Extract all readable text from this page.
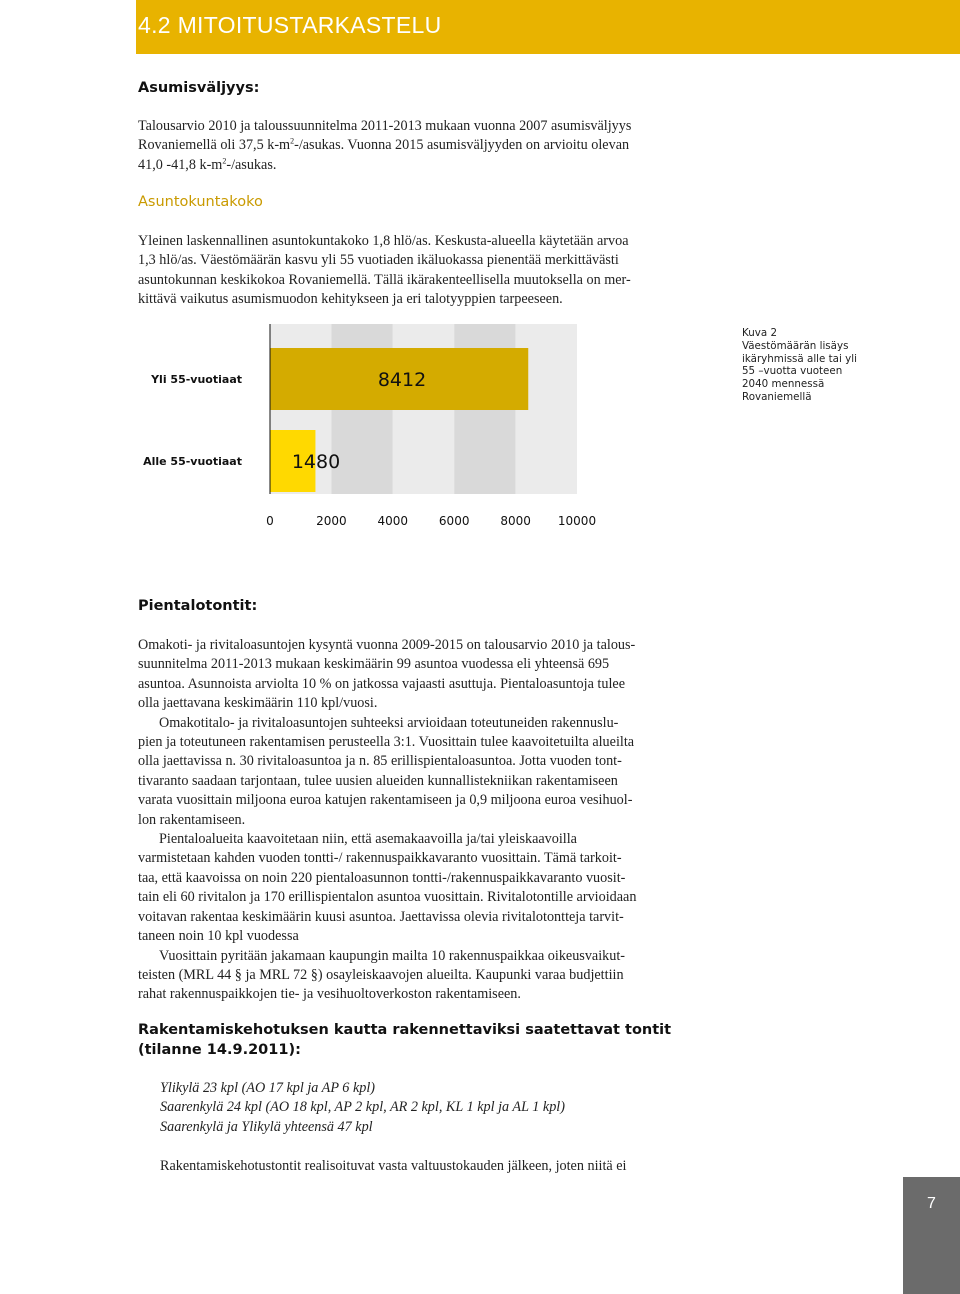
4.2 MITOITUSTARKASTELU
Asumisväljyys:
Talousarvio 2010 ja taloussuunnitelma 2011-2013 mukaan vuonna 2007 asumisväljyys
Rovaniemellä oli 37,5 $k-m^2-$/asukas. Vuonna 2015 asumisväljyyden on arvioitu olevan
41,0 -41,8 $k-m^2-$/asukas.
Asuntokuntakoko
Yleinen laskennallinen asuntokuntakoko 1,8 hlö/as. Keskusta-alueella käytetään arvoa
1,3 hlö/as. Väestömäärän kasvu yli 55 vuotiaden ikäluokassa pienentää merkittävästi
asuntokunnan keskikokoa Rovaniemellä. Tällä ikärakenteellisella muutoksella on mer-
kittävä vaikutus asumismuodon kehitykseen ja eri talotyyppien tarpeeseen.
Yli 55-vuotiaat	8412
Alle 55-vuotiaat	1480
0	2000	4000	6000	8000 10000
Kuva 2
Väestömäärän lisäys
ikäryhmissä alle tai yli
55 –vuotta vuoteen
2040 mennessä
Rovaniemellä
Pientalotontit:
Omakoti- ja rivitaloasuntojen kysyntä vuonna 2009-2015 on talousarvio 2010 ja talous-
suunnitelma 2011-2013 mukaan keskimäärin 99 asuntoa vuodessa eli yhteensä 695
asuntoa. Asunnoista arviolta 10 % on jatkossa vajaasti asuttuja. Pientaloasuntoja tulee
olla jaettavana keskimäärin 110 kpl/vuosi.
Omakotitalo- ja rivitaloasuntojen suhteeksi arvioidaan toteutuneiden rakennuslu-
pien ja toteutuneen rakentamisen perusteella 3:1. Vuosittain tulee kaavoitetuilta alueilta
olla jaettavissa n. 30 rivitaloasuntoa ja n. 85 erillispientaloasuntoa. Jotta vuoden tont-
tivaranto saadaan tarjontaan, tulee uusien alueiden kunnallistekniikan rakentamiseen
varata vuosittain miljoona euroa katujen rakentamiseen ja 0,9 miljoona euroa vesihuol-
lon rakentamiseen.
Pientaloalueita kaavoitetaan niin, että asemakaavoilla ja/tai yleiskaavoilla
varmistetaan kahden vuoden tontti-/ rakennuspaikkavaranto vuosittain. Tämä tarkoit-
taa, että kaavoissa on noin 220 pientaloasunnon tontti-/rakennuspaikkavaranto vuosit-
tain eli 60 rivitalon ja 170 erillispientalon asuntoa vuosittain. Rivitalotontille arvioidaan
voitavan rakentaa keskimäärin kuusi asuntoa. Jaettavissa olevia rivitalotontteja tarvit-
taneen noin 10 kpl vuodessa
Vuosittain pyritään jakamaan kaupungin mailta 10 rakennuspaikkaa oikeusvaikut-
teisten (MRL 44 § ja MRL 72 §) osayleiskaavojen alueilta. Kaupunki varaa budjettiin
rahat rakennuspaikkojen tie- ja vesihuoltoverkoston rakentamiseen.
Rakentamiskehotuksen kautta rakennettaviksi saatettavat tontit
(tilanne 14.9.2011):
Ylikylä 23 kpl (AO 17 kpl ja AP 6 kpl)
Saarenkylä 24 kpl (AO 18 kpl, AP 2 kpl, AR 2 kpl, KL 1 kpl ja AL 1 kpl)
Saarenkylä ja Ylikylä yhteensä 47 kpl
Rakentamiskehotustontit realisoituvat vasta valtuustokauden jälkeen, joten niitä ei
7
